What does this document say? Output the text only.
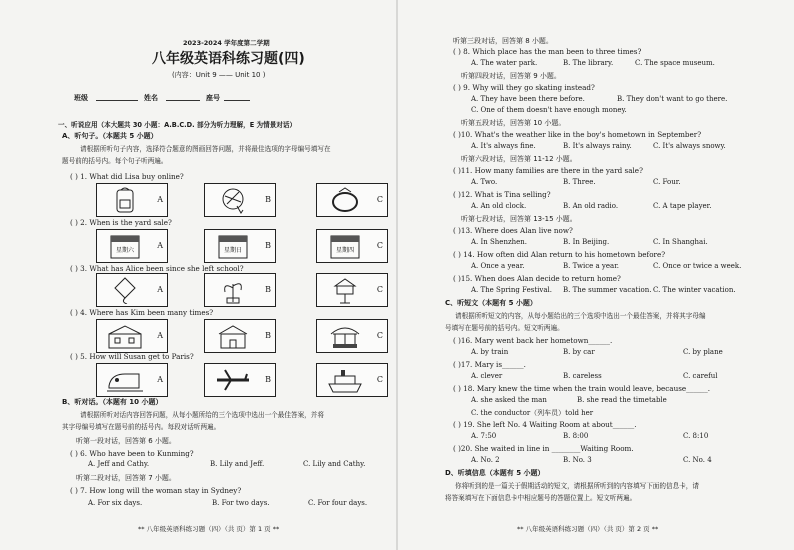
2023-2024 学年度第二学期
八年级英语科练习题(四)
(内容：Unit 9 —— Unit 10 )
班级	姓名	座号
一、听说应用（本大题共 30 小题：A.B.C.D. 部分为听力理解，E 为情景对话）
A、听句子。（本题共 5 小题）
请根据所听句子内容，选择符合题意的图画回答问题，并将最佳选项的字母编号填写在
题号前的括号内。每个句子听两遍。
( ) 1. What did Lisa buy online?
A	B	C
( ) 2. When is the yard sale?
星期六
A
星期日
B
星期四
C
( ) 3. What has Alice been since she left school?
A	B	C
( ) 4. Where has Kim been many times?
A	B	C
( ) 5. How will Susan get to Paris?
A	B	C
B、听对话。（本题有 10 小题）
请根据所听对话内容回答问题，从每小题所给的三个选项中选出一个最佳答案，并将
其字母编号填写在题号前的括号内。每段对话听两遍。
听第一段对话，回答第 6 小题。
( ) 6. Who have been to Kunming?
A. Jeff and Cathy.	B. Lily and Jeff.	C. Lily and Cathy.
听第二段对话，回答第 7 小题。
( ) 7. How long will the woman stay in Sydney?
A. For six days.	B. For two days.	C. For four days.
** 八年级英语科练习题（四）（共 页）第 1 页 **
听第三段对话，回答第 8 小题。
( ) 8. Which place has the man been to three times?
A. The water park.	B. The library.	C. The space museum.
听第四段对话，回答第 9 小题。
( ) 9. Why will they go skating instead?
A. They have been there before.	B. They don't want to go there.
C. One of them doesn't have enough money.
听第五段对话，回答第 10 小题。
( )10. What's the weather like in the boy's hometown in September?
A. It's always fine.	B. It's always rainy.	C. It's always snowy.
听第六段对话，回答第 11-12 小题。
( )11. How many families are there in the yard sale?
A. Two.	B. Three.	C. Four.
( )12. What is Tina selling?
A. An old clock.	B. An old radio.	C. A tape player.
听第七段对话，回答第 13-15 小题。
( )13. Where does Alan live now?
A. In Shenzhen.	B. In Beijing.	C. In Shanghai.
( ) 14. How often did Alan return to his hometown before?
A. Once a year.	B. Twice a year.	C. Once or twice a week.
( )15. When does Alan decide to return home?
A. The Spring Festival. B. The summer vacation. C. The winter vacation.
C、听短文（本题有 5 小题）
请根据所听短文的内容，从每小题给出的三个选项中选出一个最佳答案，并将其字母编
号填写在题号前的括号内。短文听两遍。
( )16. Mary went back her hometown______.
A. by train	B. by car	C. by plane
( )17. Mary is______.
A. clever	B. careless	C. careful
( ) 18. Mary knew the time when the train would leave, because______.
A. she asked the man	B. she read the timetable
C. the conductor（列车员）told her
( ) 19. She left No. 4 Waiting Room at about______.
A. 7:50	B. 8:00	C. 8:10
( )20. She waited in line in ________Waiting Room.
A. No. 2	B. No. 3	C. No. 4
D、听填信息（本题有 5 小题）
你将听到的是一篇关于假期活动的短文，请根据所听到的内容填写下面的信息卡，请
将答案填写在下面信息卡中相应题号的答题位置上。短文听两遍。
** 八年级英语科练习题（四）（共 页）第 2 页 **
